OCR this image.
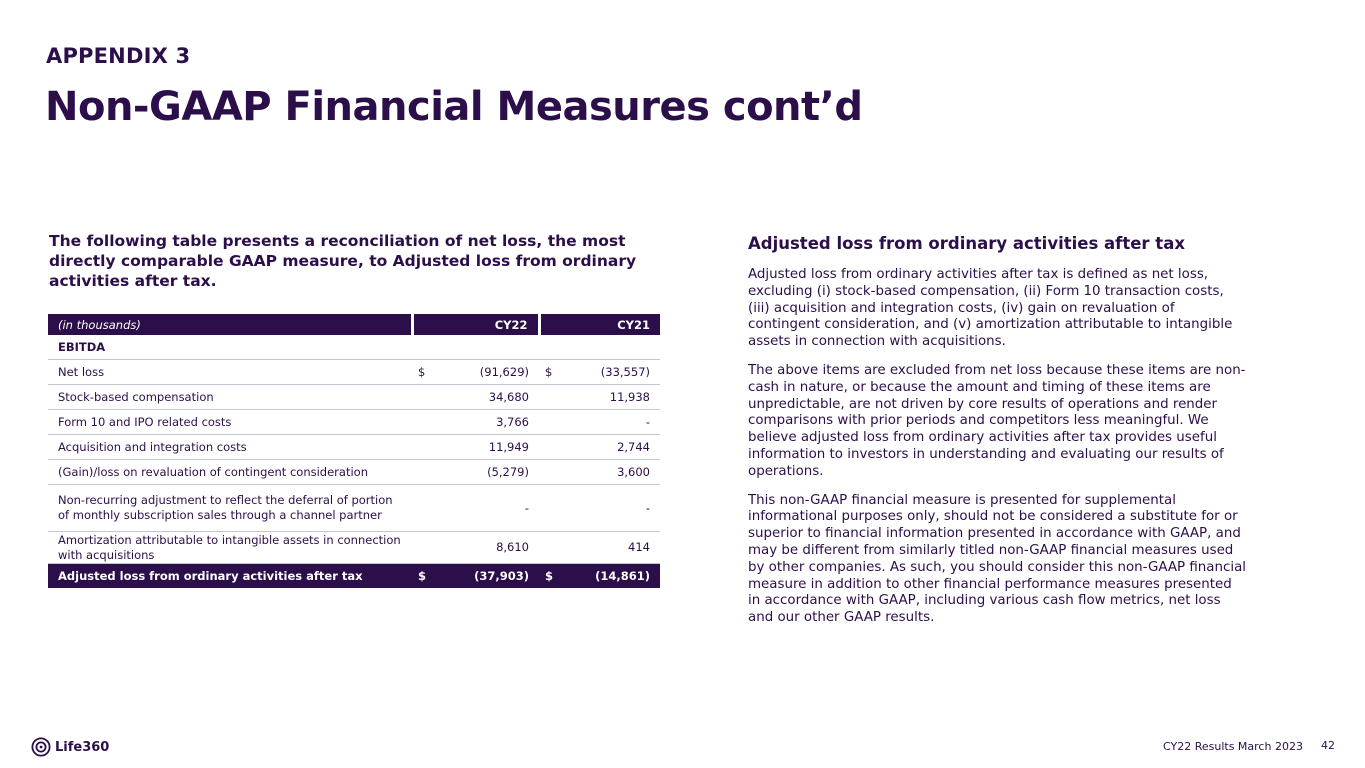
APPENDIX 3
Non-GAAP Financial Measures cont’d
The following table presents a reconciliation of net loss, the most directly comparable GAAP measure, to Adjusted loss from ordinary activities after tax.
(in thousands)	CY22		CY21	
EBITDA				
Net loss	$	(91,629)	$	(33,557)
Stock-based compensation		34,680		11,938
Form 10 and IPO related costs		3,766		-
Acquisition and integration costs		11,949		2,744
(Gain)/loss on revaluation of contingent consideration		(5,279)		3,600
Non-recurring adjustment to reflect the deferral of portion of monthly subscription sales through a channel partner		-		-
Amortization attributable to intangible assets in connection with acquisitions		8,610		414
Adjusted loss from ordinary activities after tax	$	(37,903)	$	(14,861)
Adjusted loss from ordinary activities after tax

Adjusted loss from ordinary activities after tax is defined as net loss, excluding (i) stock-based compensation, (ii) Form 10 transaction costs, (iii) acquisition and integration costs, (iv) gain on revaluation of contingent consideration, and (v) amortization attributable to intangible assets in connection with acquisitions.

The above items are excluded from net loss because these items are non-cash in nature, or because the amount and timing of these items are unpredictable, are not driven by core results of operations and render comparisons with prior periods and competitors less meaningful. We believe adjusted loss from ordinary activities after tax provides useful information to investors in understanding and evaluating our results of operations.

This non-GAAP financial measure is presented for supplemental informational purposes only, should not be considered a substitute for or superior to financial information presented in accordance with GAAP, and may be different from similarly titled non-GAAP financial measures used by other companies. As such, you should consider this non-GAAP financial measure in addition to other financial performance measures presented in accordance with GAAP, including various cash flow metrics, net loss and our other GAAP results.

Life360	CY22 Results March 2023 42
